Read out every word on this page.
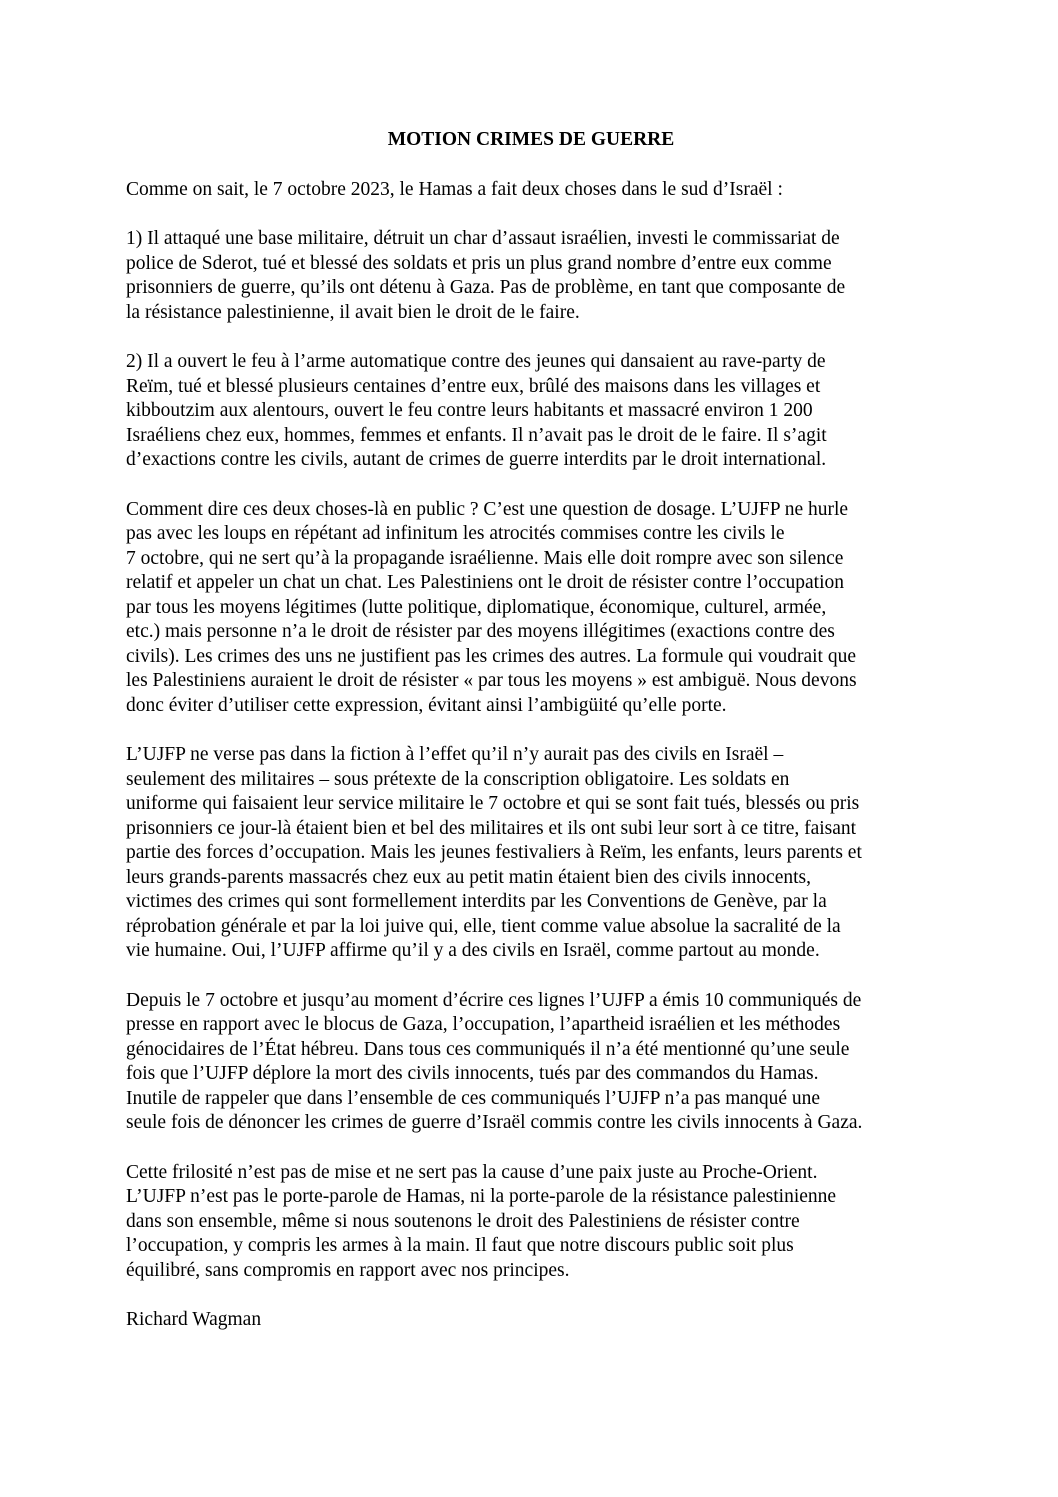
MOTION CRIMES DE GUERRE
Comme on sait, le 7 octobre 2023, le Hamas a fait deux choses dans le sud d’Israël :
1) Il attaqué une base militaire, détruit un char d’assaut israélien, investi le commissariat de
police de Sderot, tué et blessé des soldats et pris un plus grand nombre d’entre eux comme
prisonniers de guerre, qu’ils ont détenu à Gaza. Pas de problème, en tant que composante de
la résistance palestinienne, il avait bien le droit de le faire.
2) Il a ouvert le feu à l’arme automatique contre des jeunes qui dansaient au rave-party de
Reïm, tué et blessé plusieurs centaines d’entre eux, brûlé des maisons dans les villages et
kibboutzim aux alentours, ouvert le feu contre leurs habitants et massacré environ 1 200
Israéliens chez eux, hommes, femmes et enfants. Il n’avait pas le droit de le faire. Il s’agit
d’exactions contre les civils, autant de crimes de guerre interdits par le droit international.
Comment dire ces deux choses-là en public ? C’est une question de dosage. L’UJFP ne hurle
pas avec les loups en répétant ad infinitum les atrocités commises contre les civils le
7 octobre, qui ne sert qu’à la propagande israélienne. Mais elle doit rompre avec son silence
relatif et appeler un chat un chat. Les Palestiniens ont le droit de résister contre l’occupation
par tous les moyens légitimes (lutte politique, diplomatique, économique, culturel, armée,
etc.) mais personne n’a le droit de résister par des moyens illégitimes (exactions contre des
civils). Les crimes des uns ne justifient pas les crimes des autres. La formule qui voudrait que
les Palestiniens auraient le droit de résister « par tous les moyens » est ambiguë. Nous devons
donc éviter d’utiliser cette expression, évitant ainsi l’ambigüité qu’elle porte.
L’UJFP ne verse pas dans la fiction à l’effet qu’il n’y aurait pas des civils en Israël –
seulement des militaires – sous prétexte de la conscription obligatoire. Les soldats en
uniforme qui faisaient leur service militaire le 7 octobre et qui se sont fait tués, blessés ou pris
prisonniers ce jour-là étaient bien et bel des militaires et ils ont subi leur sort à ce titre, faisant
partie des forces d’occupation. Mais les jeunes festivaliers à Reïm, les enfants, leurs parents et
leurs grands-parents massacrés chez eux au petit matin étaient bien des civils innocents,
victimes des crimes qui sont formellement interdits par les Conventions de Genève, par la
réprobation générale et par la loi juive qui, elle, tient comme value absolue la sacralité de la
vie humaine. Oui, l’UJFP affirme qu’il y a des civils en Israël, comme partout au monde.
Depuis le 7 octobre et jusqu’au moment d’écrire ces lignes l’UJFP a émis 10 communiqués de
presse en rapport avec le blocus de Gaza, l’occupation, l’apartheid israélien et les méthodes
génocidaires de l’État hébreu. Dans tous ces communiqués il n’a été mentionné qu’une seule
fois que l’UJFP déplore la mort des civils innocents, tués par des commandos du Hamas.
Inutile de rappeler que dans l’ensemble de ces communiqués l’UJFP n’a pas manqué une
seule fois de dénoncer les crimes de guerre d’Israël commis contre les civils innocents à Gaza.
Cette frilosité n’est pas de mise et ne sert pas la cause d’une paix juste au Proche-Orient.
L’UJFP n’est pas le porte-parole de Hamas, ni la porte-parole de la résistance palestinienne
dans son ensemble, même si nous soutenons le droit des Palestiniens de résister contre
l’occupation, y compris les armes à la main. Il faut que notre discours public soit plus
équilibré, sans compromis en rapport avec nos principes.
Richard Wagman
